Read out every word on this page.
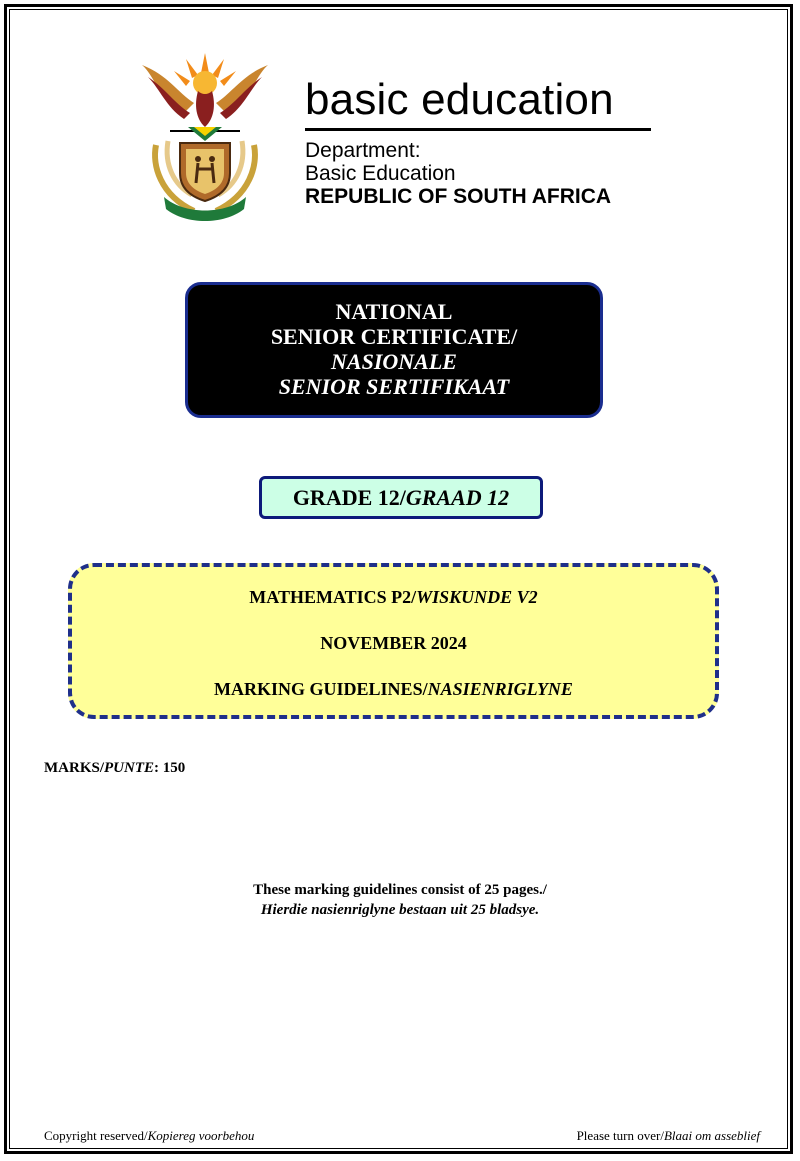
basic education
Department:
Basic Education
REPUBLIC OF SOUTH AFRICA
NATIONAL
SENIOR CERTIFICATE/
NASIONALE
SENIOR SERTIFIKAAT
GRADE 12/GRAAD 12
MATHEMATICS P2/WISKUNDE V2
NOVEMBER 2024
MARKING GUIDELINES/NASIENRIGLYNE
MARKS/PUNTE: 150
These marking guidelines consist of 25 pages./
Hierdie nasienriglyne bestaan uit 25 bladsye.
Copyright reserved/Kopiereg voorbehou	Please turn over/Blaai om asseblief
